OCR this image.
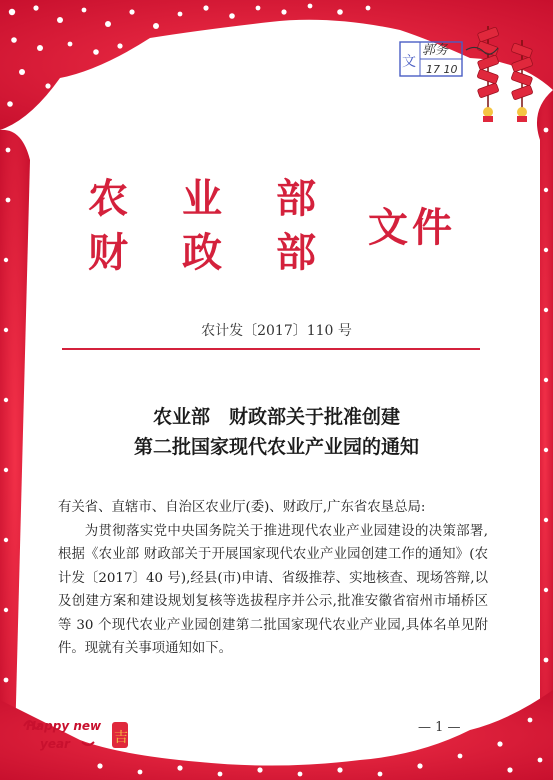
文
郭务
17 10
农业部
财政部
文件
农计发〔2017〕110 号
农业部　财政部关于批准创建
第二批国家现代农业产业园的通知

有关省、直辖市、自治区农业厅(委)、财政厅,广东省农垦总局:

为贯彻落实党中央国务院关于推进现代农业产业园建设的决策部署,根据《农业部 财政部关于开展国家现代农业产业园创建工作的通知》(农计发〔2017〕40 号),经县(市)申请、省级推荐、实地核查、现场答辩,以及创建方案和建设规划复核等选拔程序并公示,批准安徽省宿州市埇桥区等 30 个现代农业产业园创建第二批国家现代农业产业园,具体名单见附件。现就有关事项通知如下。

— 1 —
Happy new
year	吉
